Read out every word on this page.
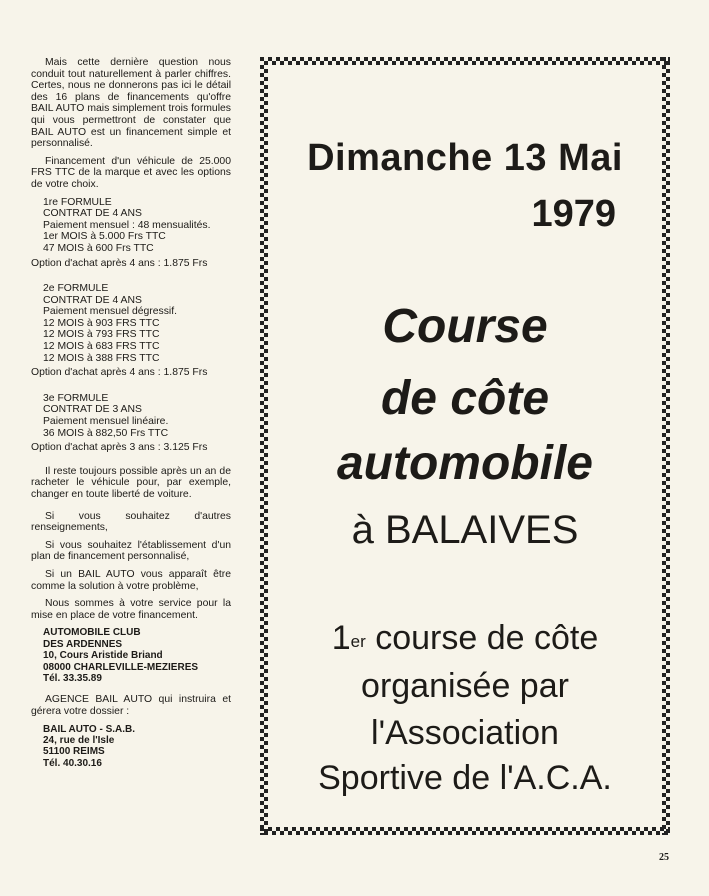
Mais cette dernière question nous conduit tout naturellement à parler chiffres. Certes, nous ne donnerons pas ici le détail des 16 plans de financements qu'offre BAIL AUTO mais simplement trois formules qui vous permettront de constater que BAIL AUTO est un financement simple et personnalisé.

Financement d'un véhicule de 25.000 FRS TTC de la marque et avec les options de votre choix.

1re FORMULE
CONTRAT DE 4 ANS
Paiement mensuel : 48 mensualités.
1er MOIS à 5.000 Frs TTC
47 MOIS à 600 Frs TTC
Option d'achat après 4 ans : 1.875 Frs
2e FORMULE
CONTRAT DE 4 ANS
Paiement mensuel dégressif.
12 MOIS à 903 FRS TTC
12 MOIS à 793 FRS TTC
12 MOIS à 683 FRS TTC
12 MOIS à 388 FRS TTC
Option d'achat après 4 ans : 1.875 Frs
3e FORMULE
CONTRAT DE 3 ANS
Paiement mensuel linéaire.
36 MOIS à 882,50 Frs TTC
Option d'achat après 3 ans : 3.125 Frs

Il reste toujours possible après un an de racheter le véhicule pour, par exemple, changer en toute liberté de voiture.

Si vous souhaitez d'autres renseignements,

Si vous souhaitez l'établissement d'un plan de financement personnalisé,

Si un BAIL AUTO vous apparaît être comme la solution à votre problème,

Nous sommes à votre service pour la mise en place de votre financement.

AUTOMOBILE CLUB
DES ARDENNES
10, Cours Aristide Briand
08000 CHARLEVILLE-MEZIERES
Tél. 33.35.89

AGENCE BAIL AUTO qui instruira et gérera votre dossier :

BAIL AUTO - S.A.B.
24, rue de l'Isle
51100 REIMS
Tél. 40.30.16
Dimanche 13 Mai
1979
Course
de côte
automobile
à BALAIVES
1er course de côte
organisée par
l'Association
Sportive de l'A.C.A.
25
